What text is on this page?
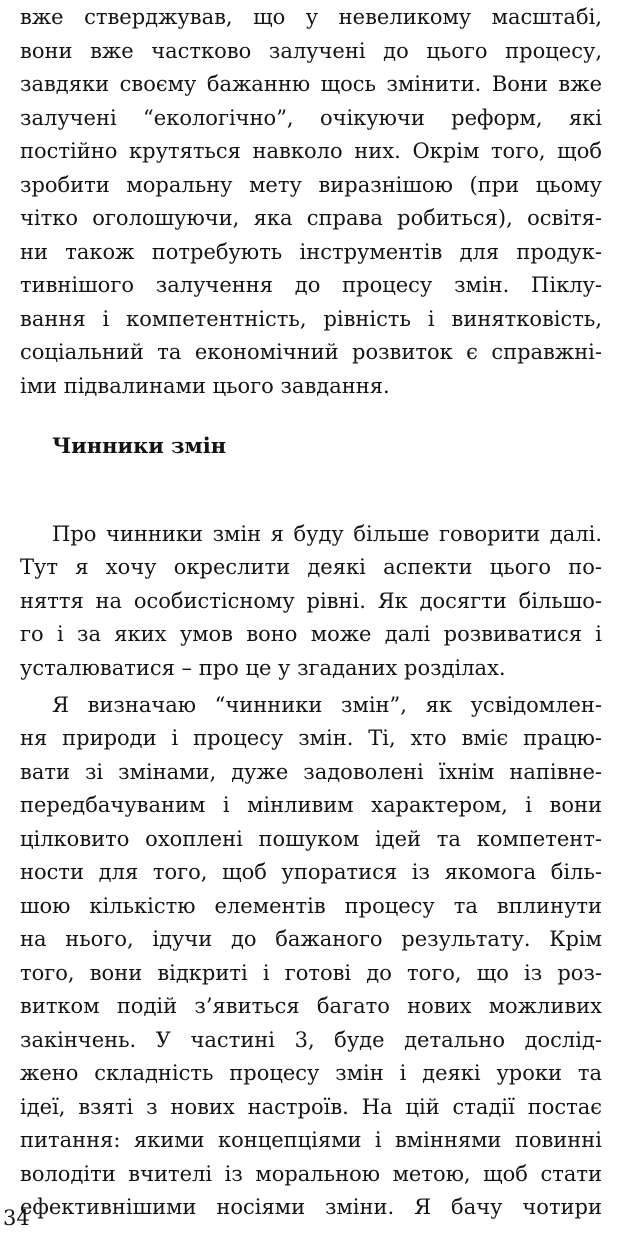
вже стверджував, що у невеликому масштабі,
вони вже частково залучені до цього процесу,
завдяки своєму бажанню щось змінити. Вони вже
залучені “екологічно”, очікуючи реформ, які
постійно крутяться навколо них. Окрім того, щоб
зробити моральну мету виразнішою (при цьому
чітко оголошуючи, яка справа робиться), освітя-
ни також потребують інструментів для продук-
тивнішого залучення до процесу змін. Піклу-
вання і компетентність, рівність і винятковість,
соціальний та економічний розвиток є справжні-
іми підвалинами цього завдання.
Чинники змін
Про чинники змін я буду більше говорити далі.
Тут я хочу окреслити деякі аспекти цього по-
няття на особистісному рівні. Як досягти більшо-
го і за яких умов воно може далі розвиватися і
усталюватися – про це у згаданих розділах.
Я визначаю “чинники змін”, як усвідомлен-
ня природи і процесу змін. Ті, хто вміє працю-
вати зі змінами, дуже задоволені їхнім напівне-
передбачуваним і мінливим характером, і вони
цілковито охоплені пошуком ідей та компетент-
ности для того, щоб упоратися із якомога біль-
шою кількістю елементів процесу та вплинути
на нього, ідучи до бажаного результату. Крім
того, вони відкриті і готові до того, що із роз-
витком подій з’явиться багато нових можливих
закінчень. У частині 3, буде детально дослід-
жено складність процесу змін і деякі уроки та
ідеї, взяті з нових настроїв. На цій стадії постає
питання: якими концепціями і вміннями повинні
володіти вчителі із моральною метою, щоб стати
ефективнішими носіями зміни. Я бачу чотири
34
